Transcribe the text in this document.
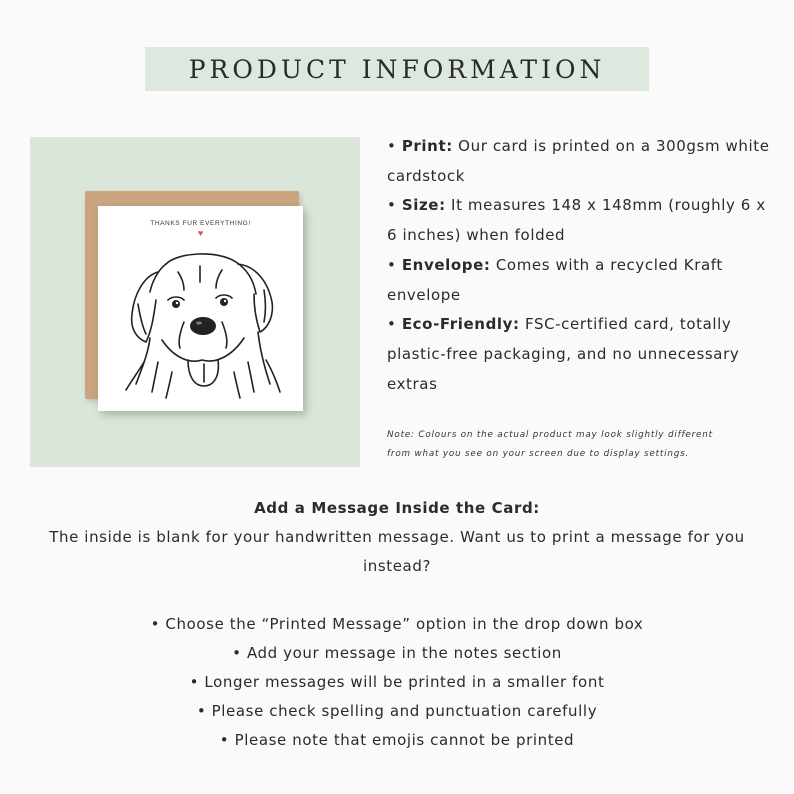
PRODUCT INFORMATION
THANKS FUR EVERYTHING!
♥

• Print: Our card is printed on a 300gsm white cardstock

• Size: It measures 148 x 148mm (roughly 6 x 6 inches) when folded

• Envelope: Comes with a recycled Kraft envelope

• Eco-Friendly: FSC-certified card, totally plastic-free packaging, and no unnecessary extras

Note: Colours on the actual product may look slightly different

from what you see on your screen due to display settings.

Add a Message Inside the Card:

The inside is blank for your handwritten message. Want us to print a message for you instead?

• Choose the “Printed Message” option in the drop down box
• Add your message in the notes section
• Longer messages will be printed in a smaller font
• Please check spelling and punctuation carefully
• Please note that emojis cannot be printed
